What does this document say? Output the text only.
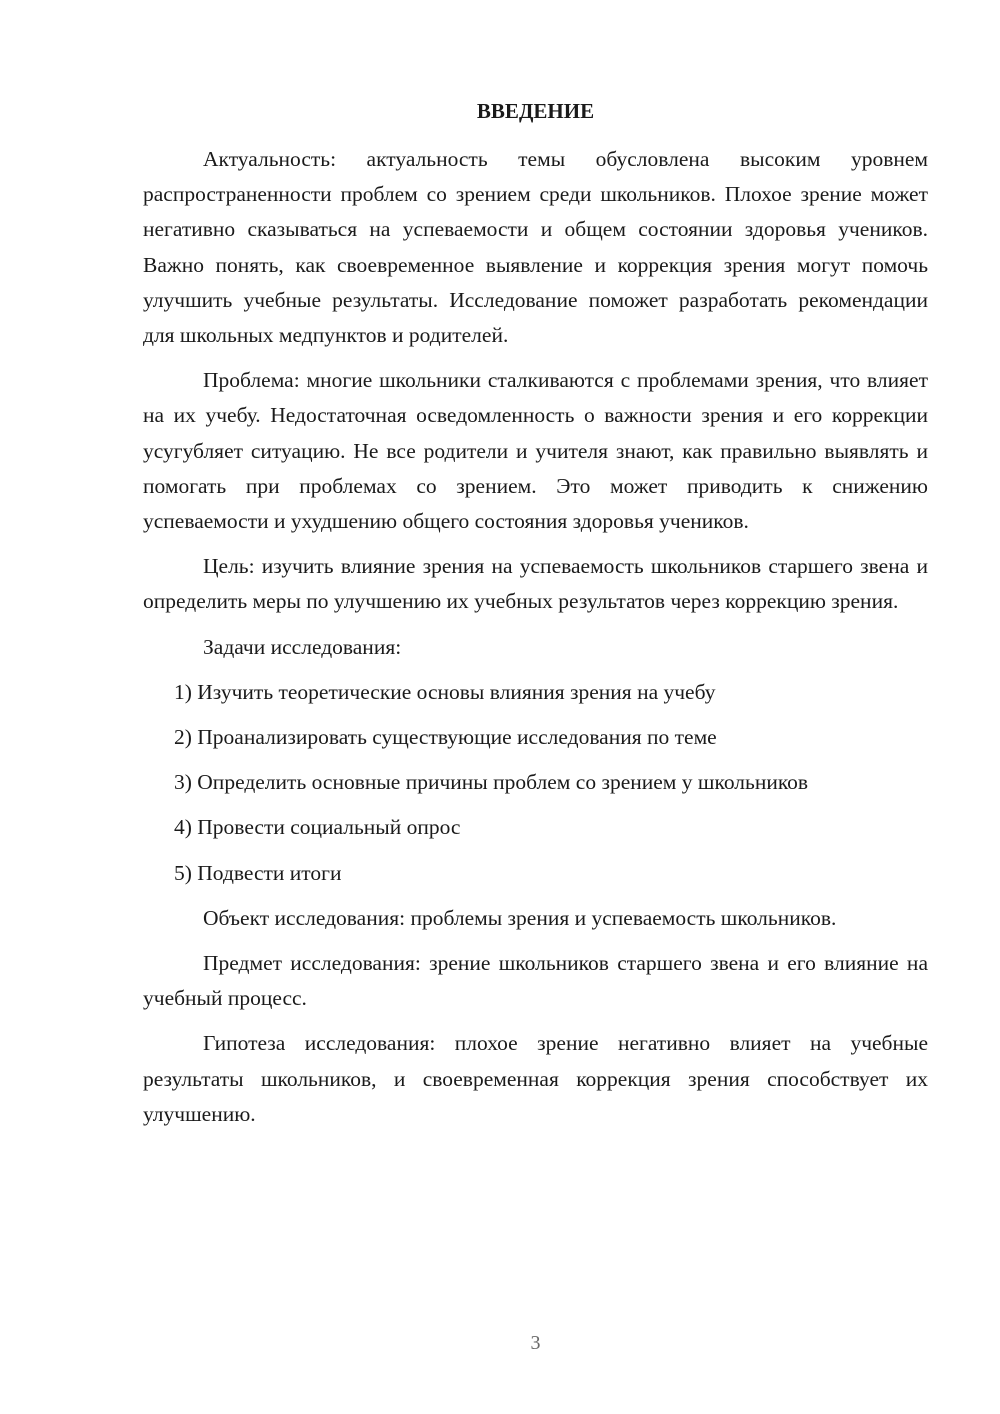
ВВЕДЕНИЕ

Актуальность: актуальность темы обусловлена высоким уровнем распространенности проблем со зрением среди школьников. Плохое зрение может негативно сказываться на успеваемости и общем состоянии здоровья учеников. Важно понять, как своевременное выявление и коррекция зрения могут помочь улучшить учебные результаты. Исследование поможет разработать рекомендации для школьных медпунктов и родителей.

Проблема: многие школьники сталкиваются с проблемами зрения, что влияет на их учебу. Недостаточная осведомленность о важности зрения и его коррекции усугубляет ситуацию. Не все родители и учителя знают, как правильно выявлять и помогать при проблемах со зрением. Это может приводить к снижению успеваемости и ухудшению общего состояния здоровья учеников.

Цель: изучить влияние зрения на успеваемость школьников старшего звена и определить меры по улучшению их учебных результатов через коррекцию зрения.

Задачи исследования:

1) Изучить теоретические основы влияния зрения на учебу
2) Проанализировать существующие исследования по теме
3) Определить основные причины проблем со зрением у школьников
4) Провести социальный опрос
5) Подвести итоги

Объект исследования: проблемы зрения и успеваемость школьников.

Предмет исследования: зрение школьников старшего звена и его влияние на учебный процесс.

Гипотеза исследования: плохое зрение негативно влияет на учебные результаты школьников, и своевременная коррекция зрения способствует их улучшению.

3
